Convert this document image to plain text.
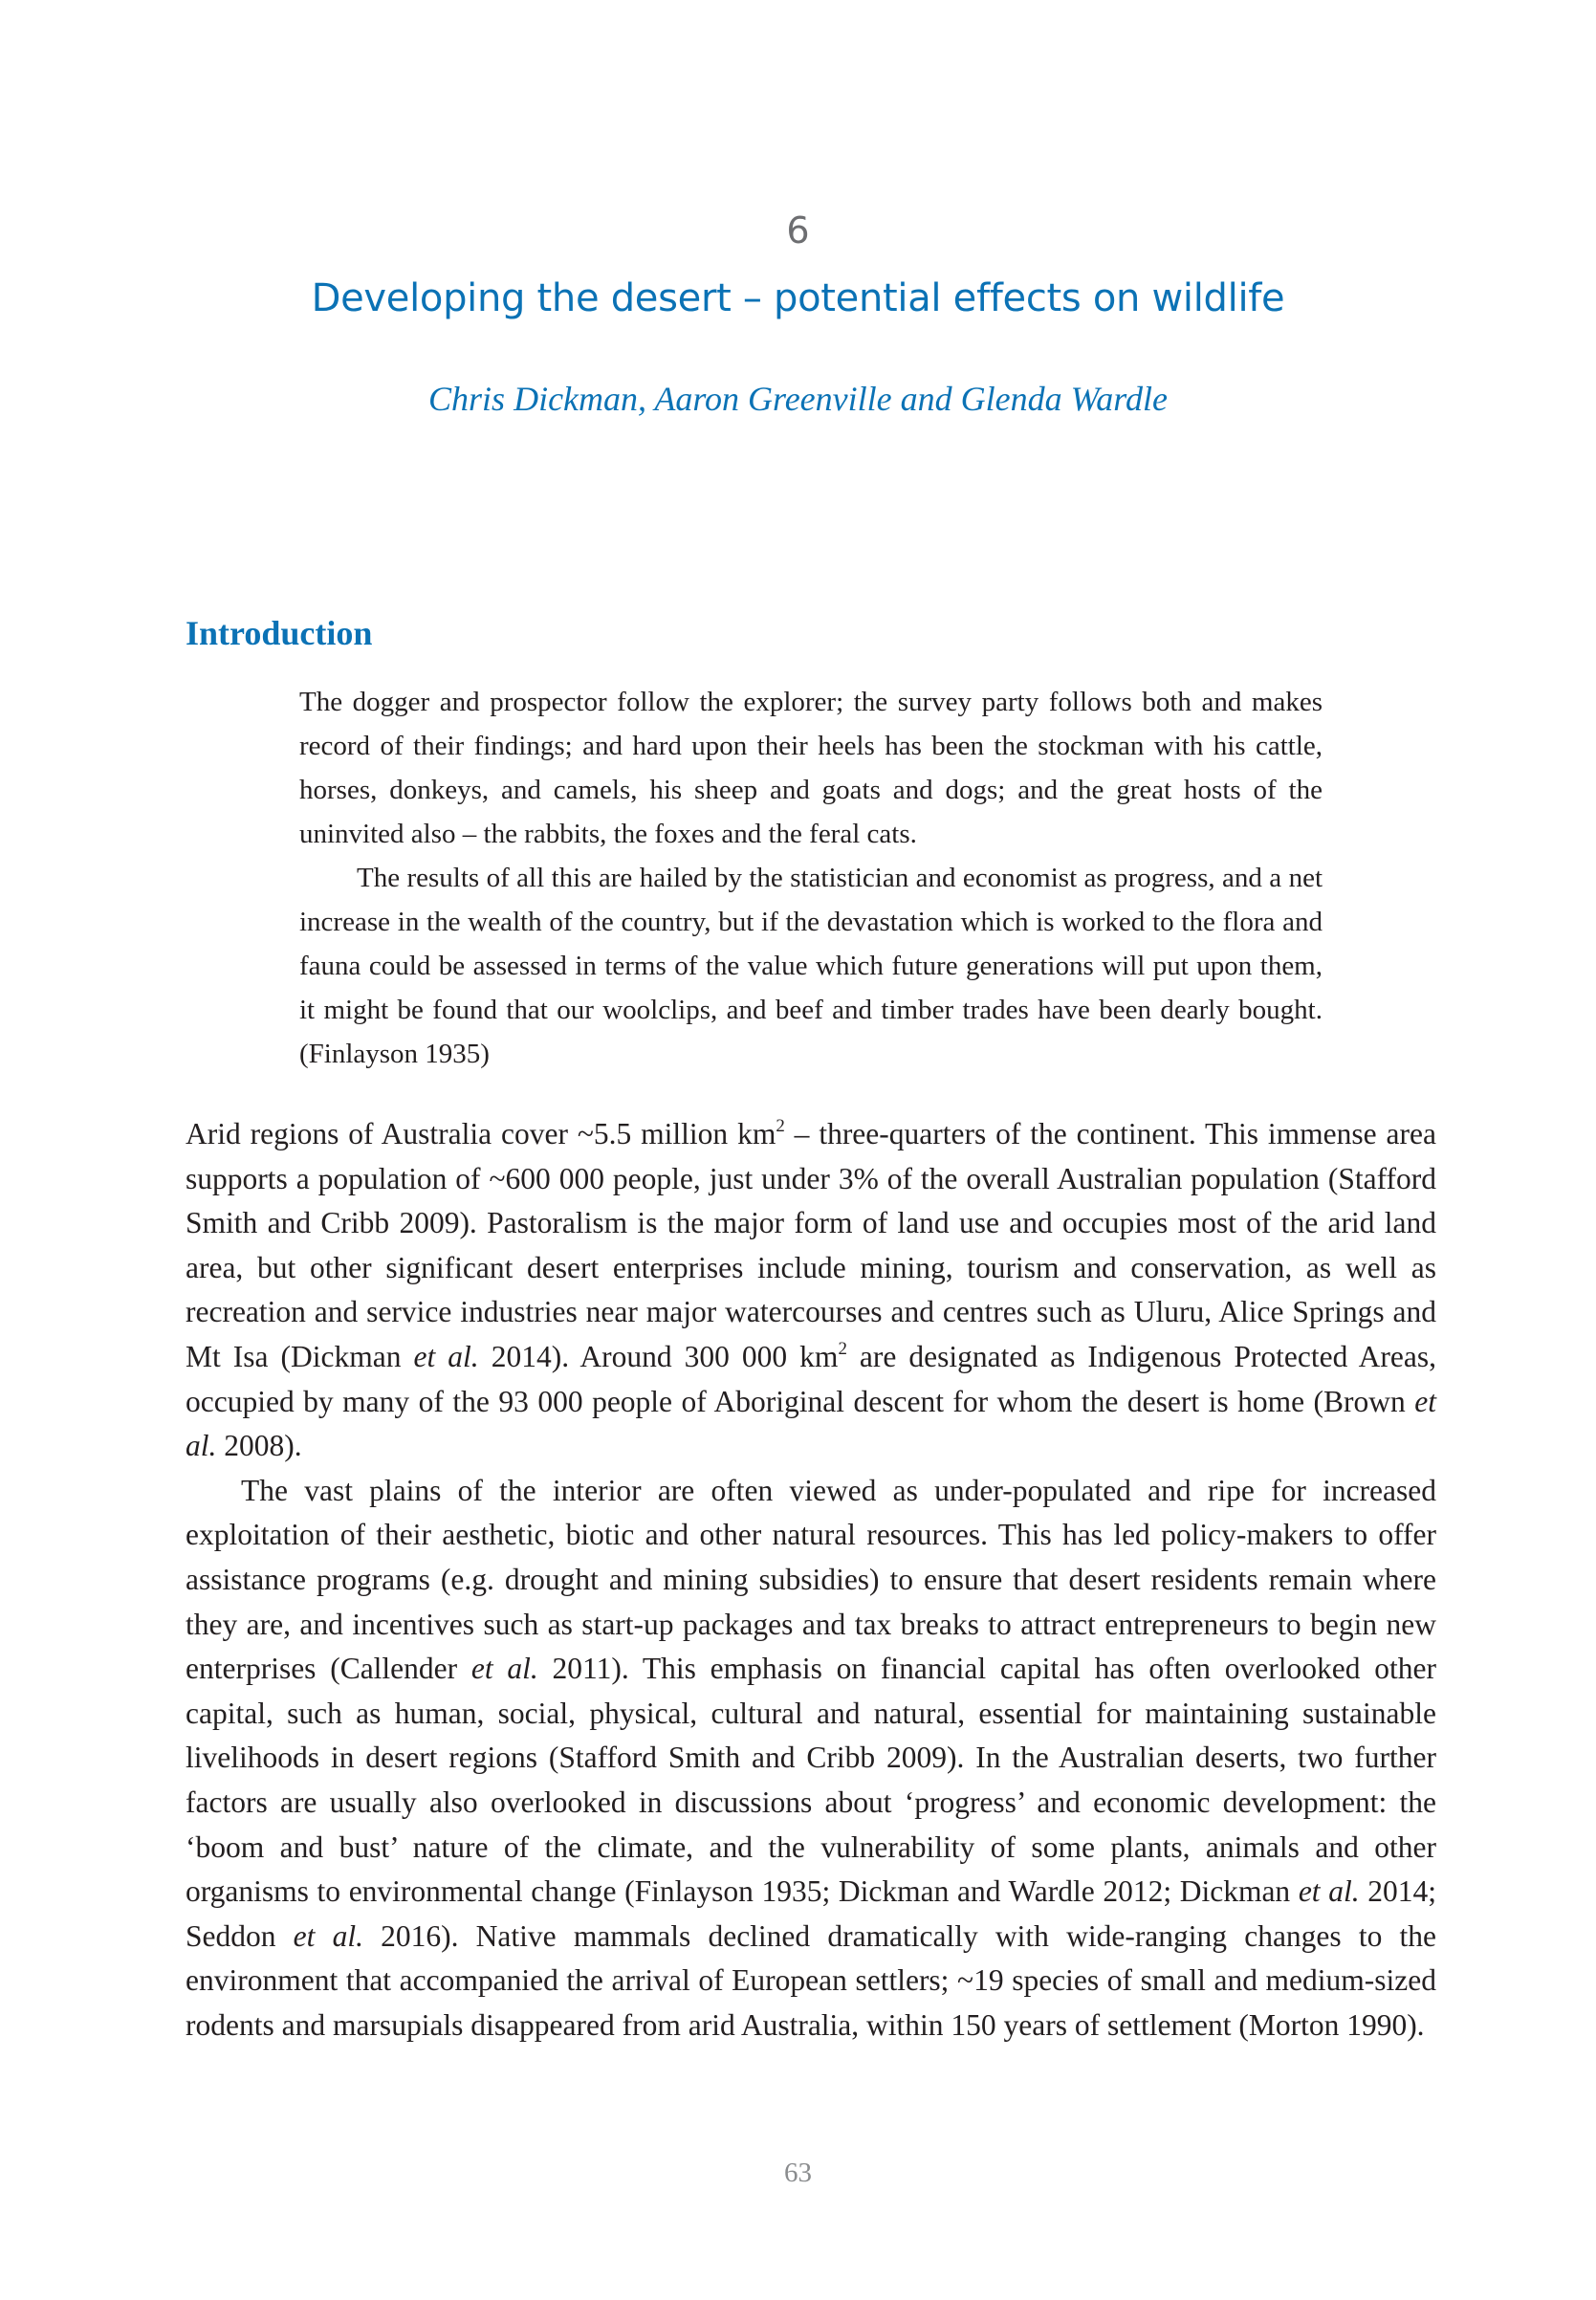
6
Developing the desert – potential effects on wildlife
Chris Dickman, Aaron Greenville and Glenda Wardle
Introduction

The dogger and prospector follow the explorer; the survey party follows both and makes record of their findings; and hard upon their heels has been the stockman with his cattle, horses, donkeys, and camels, his sheep and goats and dogs; and the great hosts of the uninvited also – the rabbits, the foxes and the feral cats.

The results of all this are hailed by the statistician and economist as progress, and a net increase in the wealth of the country, but if the devastation which is worked to the flora and fauna could be assessed in terms of the value which future generations will put upon them, it might be found that our woolclips, and beef and timber trades have been dearly bought. (Finlayson 1935)

Arid regions of Australia cover ~5.5 million $km^2$ – three-quarters of the continent. This immense area supports a population of ~600 000 people, just under 3% of the overall Australian population (Stafford Smith and Cribb 2009). Pastoralism is the major form of land use and occupies most of the arid land area, but other significant desert enterprises include mining, tourism and conservation, as well as recreation and service industries near major watercourses and centres such as Uluru, Alice Springs and Mt Isa (Dickman et al. 2014). Around 300 000 $km^2$ are designated as Indigenous Protected Areas, occupied by many of the 93 000 people of Aboriginal descent for whom the desert is home (Brown et al. 2008).

The vast plains of the interior are often viewed as under-populated and ripe for increased exploitation of their aesthetic, biotic and other natural resources. This has led policy-makers to offer assistance programs (e.g. drought and mining subsidies) to ensure that desert residents remain where they are, and incentives such as start-up packages and tax breaks to attract entrepreneurs to begin new enterprises (Callender et al. 2011). This emphasis on financial capital has often overlooked other capital, such as human, social, physical, cultural and natural, essential for maintaining sustainable livelihoods in desert regions (Stafford Smith and Cribb 2009). In the Australian deserts, two further factors are usually also overlooked in discussions about ‘progress’ and economic development: the ‘boom and bust’ nature of the climate, and the vulnerability of some plants, animals and other organisms to environmental change (Finlayson 1935; Dickman and Wardle 2012; Dickman et al. 2014; Seddon et al. 2016). Native mammals declined dramatically with wide-ranging changes to the environment that accompanied the arrival of European settlers; ~19 species of small and medium-sized rodents and marsupials disappeared from arid Australia, within 150 years of settlement (Morton 1990).

63
